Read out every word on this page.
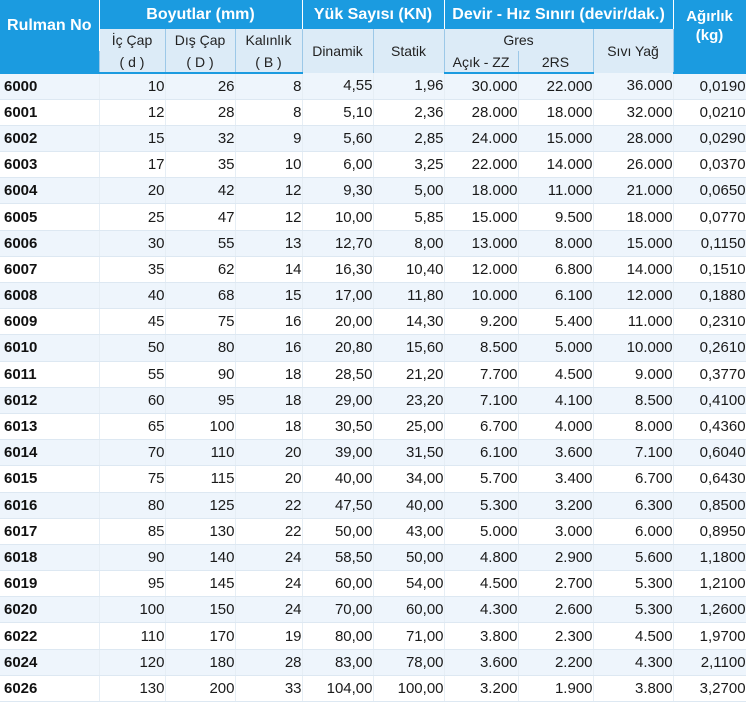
Rulman No	Boyutlar (mm)			Yük Sayısı (KN)		Devir - Hız Sınırı (devir/dak.)			Ağırlık (kg)
	İç Çap	Dış Çap	Kalınlık	Dinamik	Statik	Gres		Sıvı Yağ	
	( d )	( D )	( B )			Açık - ZZ	2RS		
6000	10	26	8	4,55	1,96	30.000	22.000	36.000	0,0190
6001	12	28	8	5,10	2,36	28.000	18.000	32.000	0,0210
6002	15	32	9	5,60	2,85	24.000	15.000	28.000	0,0290
6003	17	35	10	6,00	3,25	22.000	14.000	26.000	0,0370
6004	20	42	12	9,30	5,00	18.000	11.000	21.000	0,0650
6005	25	47	12	10,00	5,85	15.000	9.500	18.000	0,0770
6006	30	55	13	12,70	8,00	13.000	8.000	15.000	0,1150
6007	35	62	14	16,30	10,40	12.000	6.800	14.000	0,1510
6008	40	68	15	17,00	11,80	10.000	6.100	12.000	0,1880
6009	45	75	16	20,00	14,30	9.200	5.400	11.000	0,2310
6010	50	80	16	20,80	15,60	8.500	5.000	10.000	0,2610
6011	55	90	18	28,50	21,20	7.700	4.500	9.000	0,3770
6012	60	95	18	29,00	23,20	7.100	4.100	8.500	0,4100
6013	65	100	18	30,50	25,00	6.700	4.000	8.000	0,4360
6014	70	110	20	39,00	31,50	6.100	3.600	7.100	0,6040
6015	75	115	20	40,00	34,00	5.700	3.400	6.700	0,6430
6016	80	125	22	47,50	40,00	5.300	3.200	6.300	0,8500
6017	85	130	22	50,00	43,00	5.000	3.000	6.000	0,8950
6018	90	140	24	58,50	50,00	4.800	2.900	5.600	1,1800
6019	95	145	24	60,00	54,00	4.500	2.700	5.300	1,2100
6020	100	150	24	70,00	60,00	4.300	2.600	5.300	1,2600
6022	110	170	19	80,00	71,00	3.800	2.300	4.500	1,9700
6024	120	180	28	83,00	78,00	3.600	2.200	4.300	2,1100
6026	130	200	33	104,00	100,00	3.200	1.900	3.800	3,2700
